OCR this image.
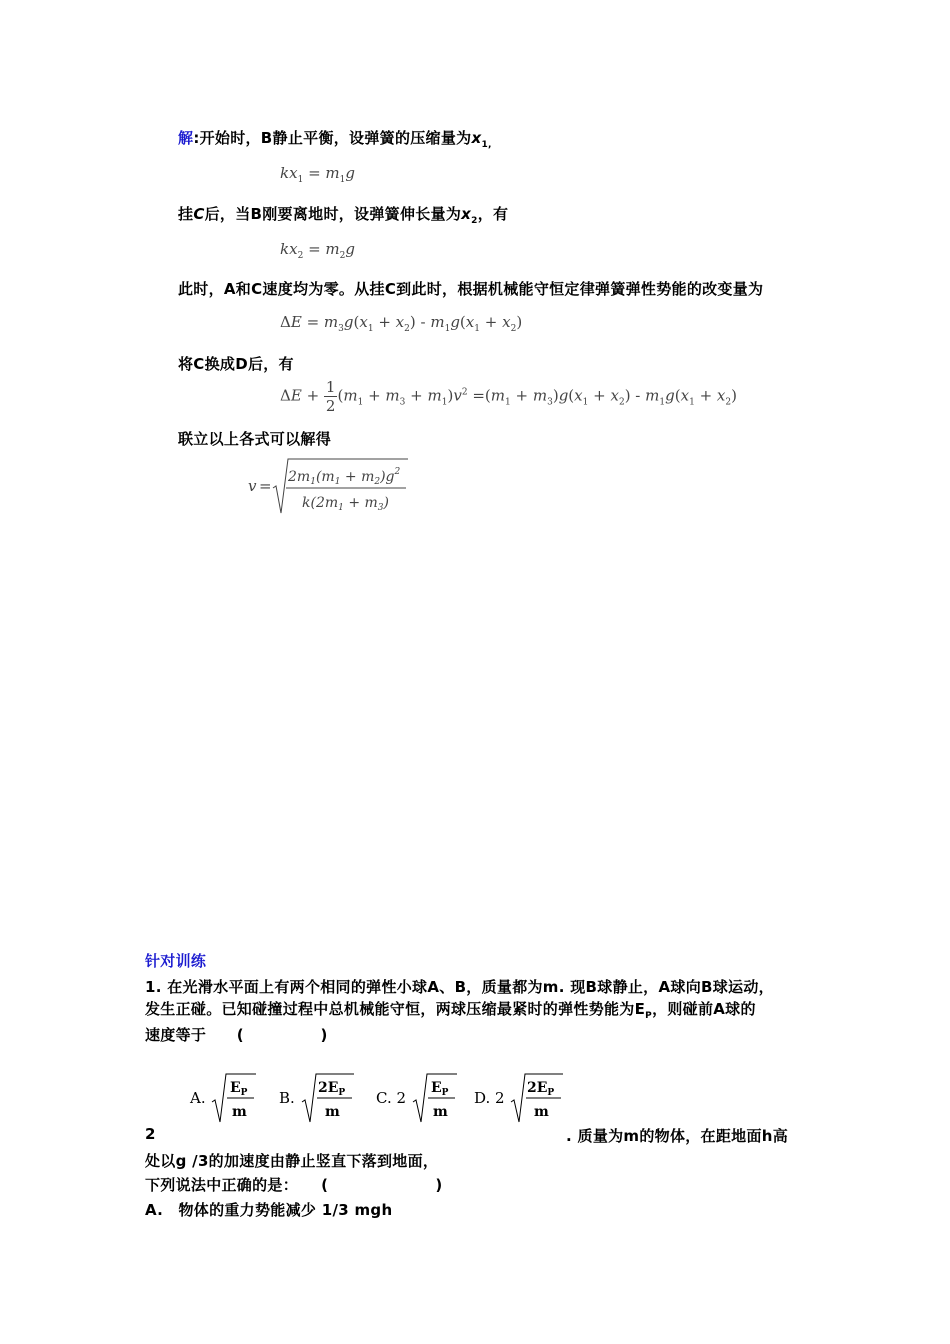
解:开始时，B静止平衡，设弹簧的压缩量为$x_{1,}$
$kx_1 = m_1g$
挂C后，当B刚要离地时，设弹簧伸长量为$x_2$，有
$kx_2 = m_2g$
此时，A和C速度均为零。从挂C到此时，根据机械能守恒定律弹簧弹性势能的改变量为
$\Delta E = m_3g(x_1 + x_2) - m_1g(x_1 + x_2)$
将C换成D后，有
$\Delta E + \frac{1}{2} (m_1 + m_3 + m_1)v^2 =(m_1 + m_3)g(x_1 + x_2) - m_1g(x_1 + x_2)$
联立以上各式可以解得
$v = 2m_1(m_1 + m_2)g^2$
$k(2m_1 + m_3)$
针对训练
1. 在光滑水平面上有两个相同的弹性小球A、B，质量都为m. 现B球静止，A球向B球运动，
发生正碰。已知碰撞过程中总机械能守恒，两球压缩最紧时的弹性势能为$E_P$，则碰前A球的
速度等于　　(　　　　　)
A.
$E_P$
m
B.
$2E_P$
m
C. 2
$E_P$
m
D. 2
$2E_P$
m
2	. 质量为m的物体，在距地面h高
处以g /3的加速度由静止竖直下落到地面，
下列说法中正确的是：　　(　　　　　　　)
A.　物体的重力势能减少 1/3 mgh
